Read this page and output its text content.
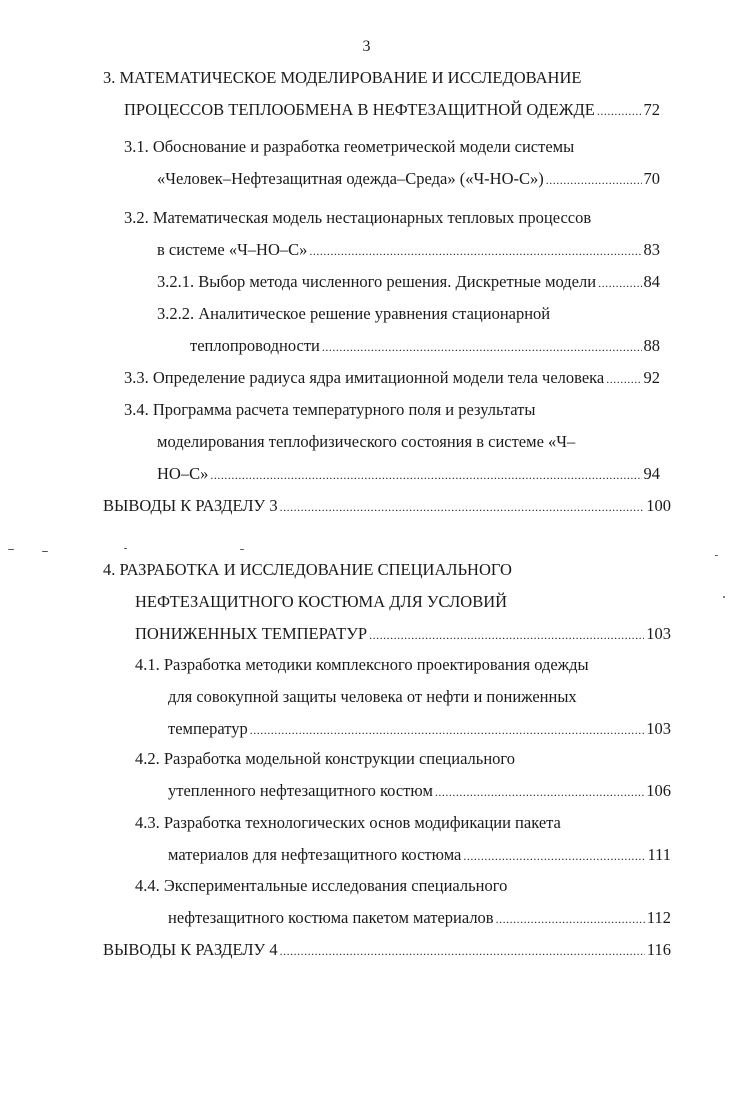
3
3. МАТЕМАТИЧЕСКОЕ МОДЕЛИРОВАНИЕ И ИССЛЕДОВАНИЕ
ПРОЦЕССОВ ТЕПЛООБМЕНА В НЕФТЕЗАЩИТНОЙ ОДЕЖДЕ .....	72
3.1. Обоснование и разработка геометрической модели системы
«Человек–Нефтезащитная одежда–Среда» («Ч-НО-С») .....	70
3.2. Математическая модель нестационарных тепловых процессов
в системе «Ч–НО–С» .....	83
3.2.1. Выбор метода численного решения. Дискретные модели .....	84
3.2.2. Аналитическое решение уравнения стационарной
теплопроводности .....	88
3.3. Определение радиуса ядра имитационной модели тела человека ..... 92
3.4. Программа расчета температурного поля и результаты
моделирования теплофизического состояния в системе «Ч–
НО–С» .....	94
ВЫВОДЫ К РАЗДЕЛУ 3 .....	100
4. РАЗРАБОТКА И ИССЛЕДОВАНИЕ СПЕЦИАЛЬНОГО
НЕФТЕЗАЩИТНОГО КОСТЮМА ДЛЯ УСЛОВИЙ
ПОНИЖЕННЫХ ТЕМПЕРАТУР .....	103
4.1. Разработка методики комплексного проектирования одежды
для совокупной защиты человека от нефти и пониженных
температур .....	103
4.2. Разработка модельной конструкции специального
утепленного нефтезащитного костюм .....	106
4.3. Разработка технологических основ модификации пакета
материалов для нефтезащитного костюма .....	111
4.4. Экспериментальные исследования специального
нефтезащитного костюма пакетом материалов .....	112
ВЫВОДЫ К РАЗДЕЛУ 4 .....	116
